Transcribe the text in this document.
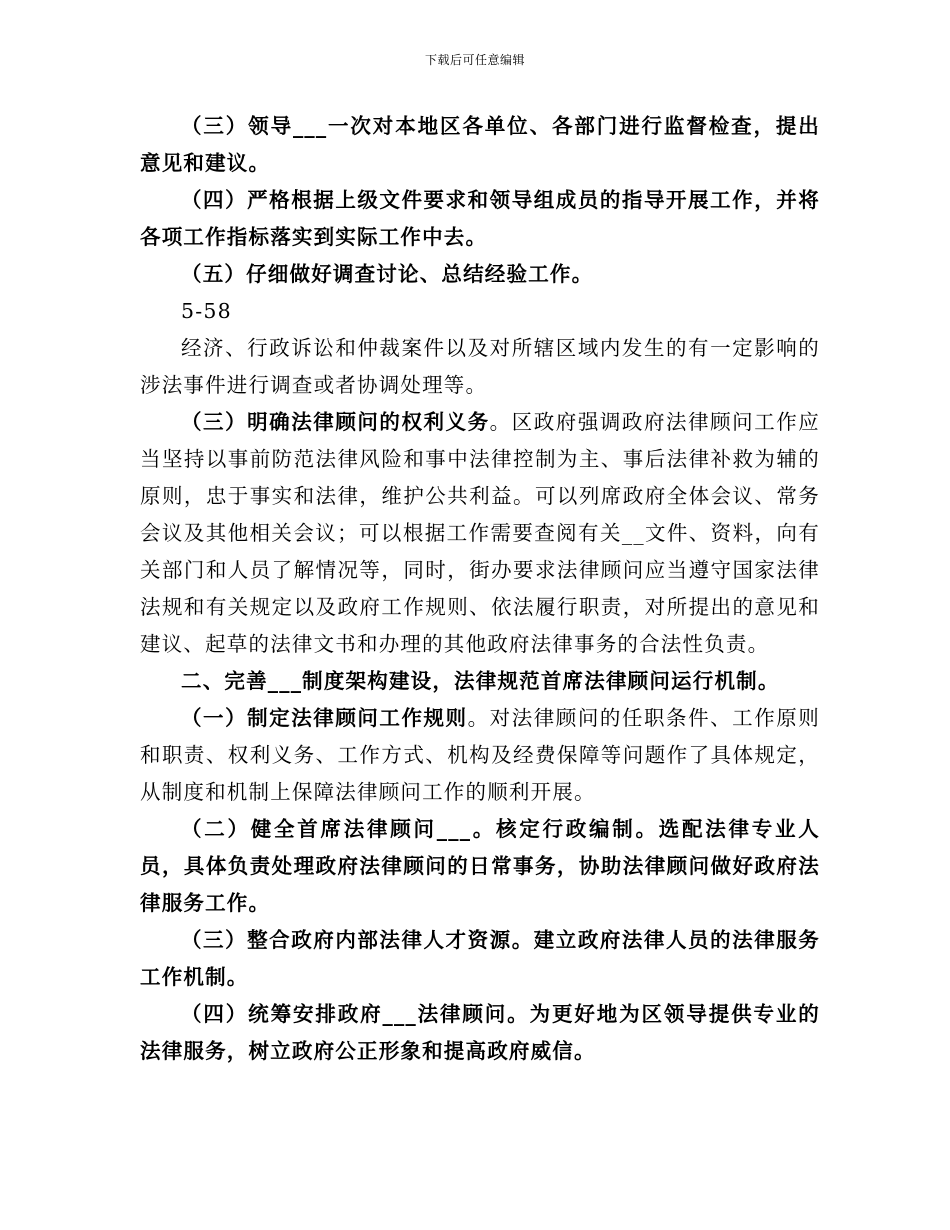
下载后可任意编辑

（三）领导___一次对本地区各单位、各部门进行监督检查，提出意见和建议。

（四）严格根据上级文件要求和领导组成员的指导开展工作，并将各项工作指标落实到实际工作中去。

（五）仔细做好调查讨论、总结经验工作。

5-58

经济、行政诉讼和仲裁案件以及对所辖区域内发生的有一定影响的涉法事件进行调查或者协调处理等。

（三）明确法律顾问的权利义务。区政府强调政府法律顾问工作应当坚持以事前防范法律风险和事中法律控制为主、事后法律补救为辅的原则，忠于事实和法律，维护公共利益。可以列席政府全体会议、常务会议及其他相关会议；可以根据工作需要查阅有关__文件、资料，向有关部门和人员了解情况等，同时，街办要求法律顾问应当遵守国家法律法规和有关规定以及政府工作规则、依法履行职责，对所提出的意见和建议、起草的法律文书和办理的其他政府法律事务的合法性负责。

二、完善___制度架构建设，法律规范首席法律顾问运行机制。

（一）制定法律顾问工作规则。对法律顾问的任职条件、工作原则和职责、权利义务、工作方式、机构及经费保障等问题作了具体规定，从制度和机制上保障法律顾问工作的顺利开展。

（二）健全首席法律顾问___。核定行政编制。选配法律专业人员，具体负责处理政府法律顾问的日常事务，协助法律顾问做好政府法律服务工作。

（三）整合政府内部法律人才资源。建立政府法律人员的法律服务工作机制。

（四）统筹安排政府___法律顾问。为更好地为区领导提供专业的法律服务，树立政府公正形象和提高政府威信。
